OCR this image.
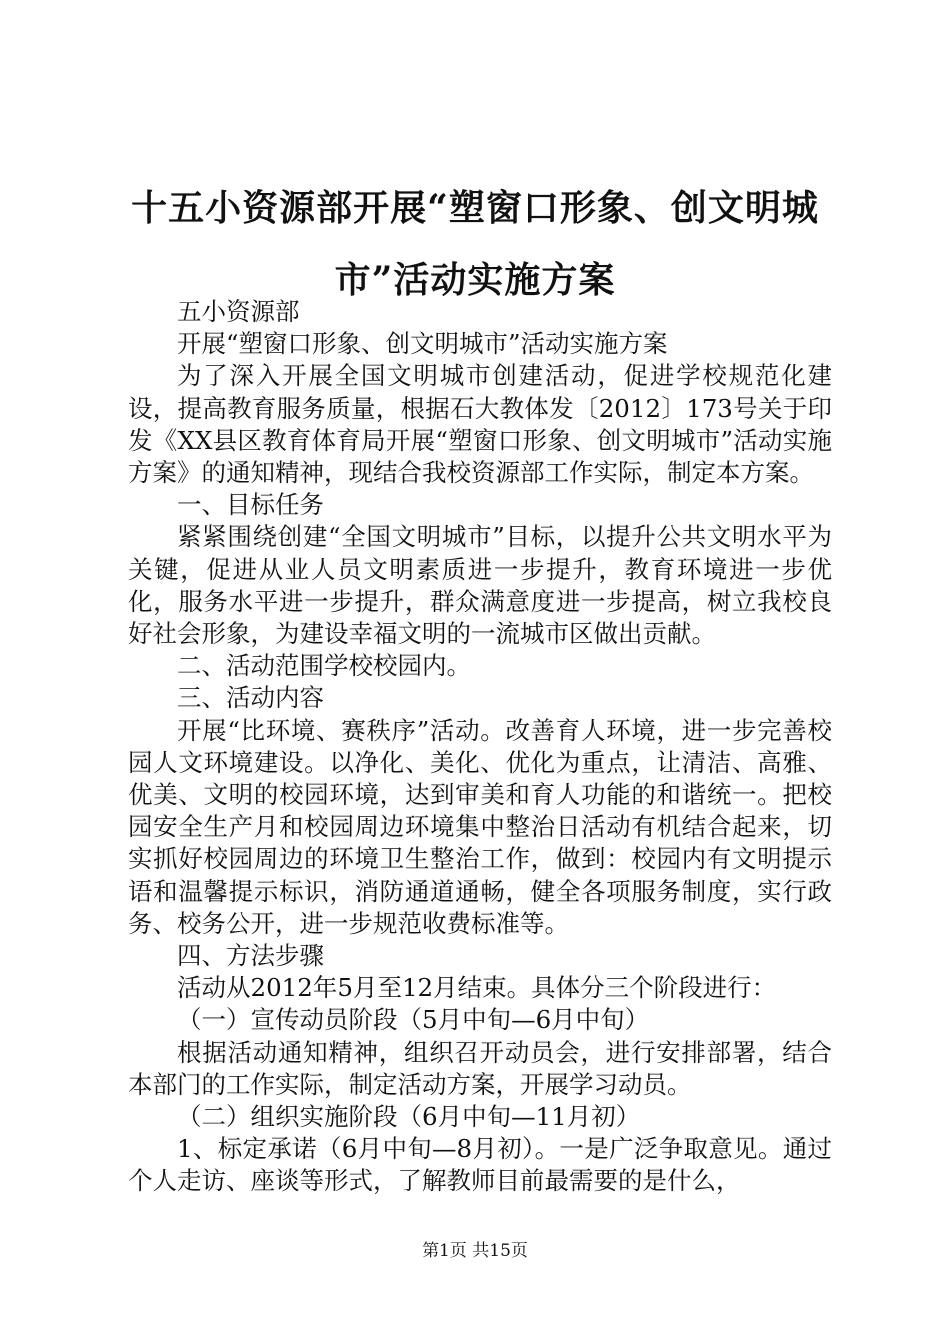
十五小资源部开展“塑窗口形象、创文明城市”活动实施方案

五小资源部

开展“塑窗口形象、创文明城市”活动实施方案

为了深入开展全国文明城市创建活动，促进学校规范化建设，提高教育服务质量，根据石大教体发〔2012〕173号关于印发《XX县区教育体育局开展“塑窗口形象、创文明城市”活动实施方案》的通知精神，现结合我校资源部工作实际，制定本方案。

一、目标任务

紧紧围绕创建“全国文明城市”目标，以提升公共文明水平为关键，促进从业人员文明素质进一步提升，教育环境进一步优化，服务水平进一步提升，群众满意度进一步提高，树立我校良好社会形象，为建设幸福文明的一流城市区做出贡献。

二、活动范围学校校园内。

三、活动内容

开展“比环境、赛秩序”活动。改善育人环境，进一步完善校园人文环境建设。以净化、美化、优化为重点，让清洁、高雅、优美、文明的校园环境，达到审美和育人功能的和谐统一。把校园安全生产月和校园周边环境集中整治日活动有机结合起来，切实抓好校园周边的环境卫生整治工作，做到：校园内有文明提示语和温馨提示标识，消防通道通畅，健全各项服务制度，实行政务、校务公开，进一步规范收费标准等。

四、方法步骤

活动从2012年5月至12月结束。具体分三个阶段进行：

（一）宣传动员阶段（5月中旬—6月中旬）

根据活动通知精神，组织召开动员会，进行安排部署，结合本部门的工作实际，制定活动方案，开展学习动员。

（二）组织实施阶段（6月中旬—11月初）

1、标定承诺（6月中旬—8月初）。一是广泛争取意见。通过个人走访、座谈等形式，了解教师目前最需要的是什么，

第1页 共15页
